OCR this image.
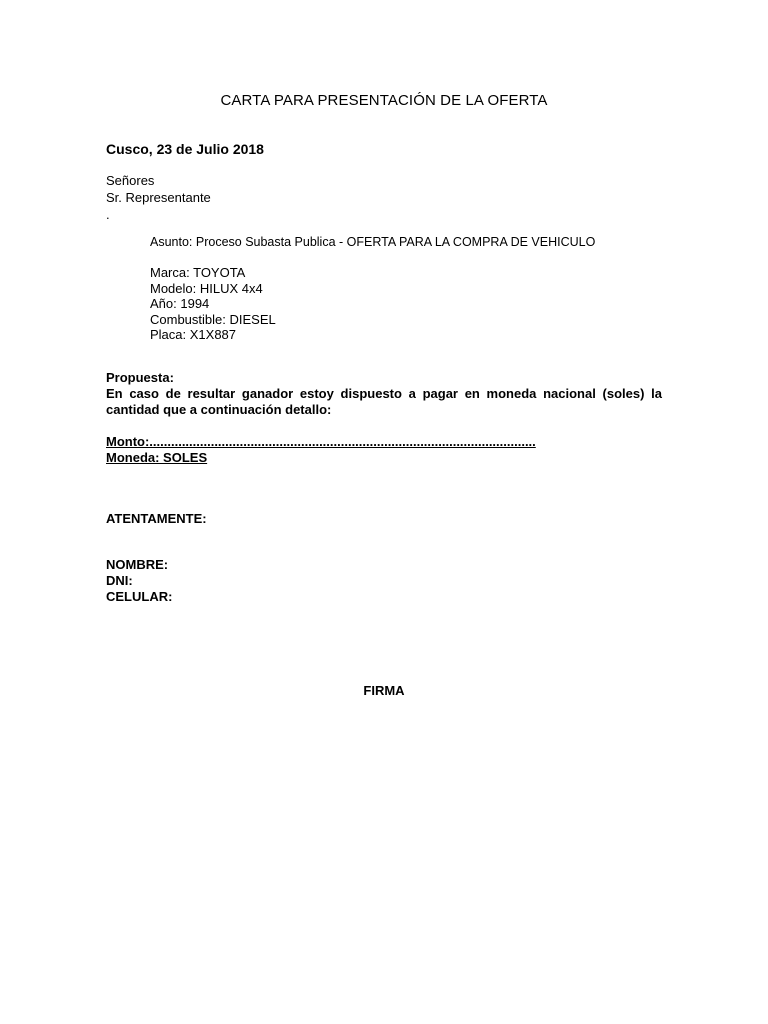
CARTA PARA PRESENTACIÓN DE LA OFERTA
Cusco, 23 de Julio 2018
Señores
Sr. Representante
.
Asunto: Proceso Subasta Publica - OFERTA PARA LA COMPRA DE VEHICULO
Marca: TOYOTA
Modelo: HILUX 4x4
Año: 1994
Combustible: DIESEL
Placa: X1X887
Propuesta:
En caso de resultar ganador estoy dispuesto a pagar en moneda nacional (soles) la cantidad que a continuación detallo:
Monto:...........................................................................................................
Moneda: SOLES
ATENTAMENTE:
NOMBRE:
DNI:
CELULAR:
FIRMA
